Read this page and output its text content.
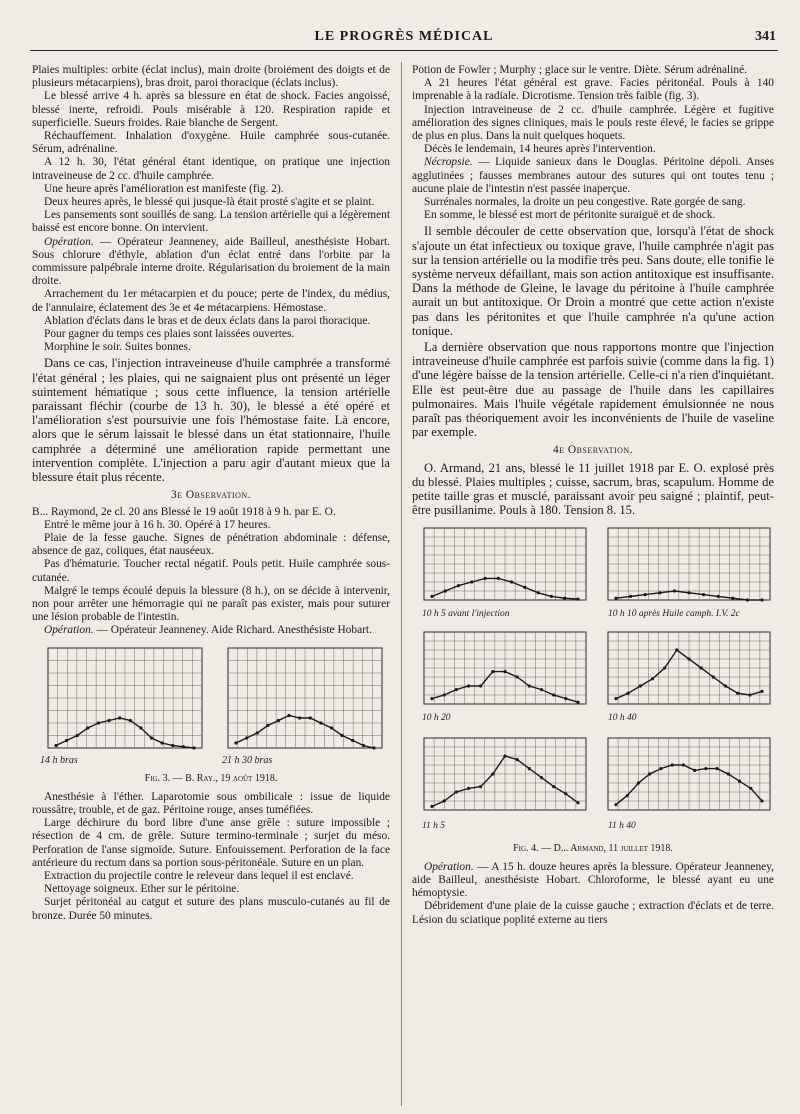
LE PROGRÈS MÉDICAL	341

Plaies multiples: orbite (éclat inclus), main droite (broiement des doigts et de plusieurs métacarpiens), bras droit, paroi thoracique (éclats inclus).

Le blessé arrive 4 h. après sa blessure en état de shock. Facies angoissé, blessé inerte, refroidi. Pouls misérable à 120. Respiration rapide et superficielle. Sueurs froides. Raie blanche de Sergent.

Réchauffement. Inhalation d'oxygène. Huile camphrée sous-cutanée. Sérum, adrénaline.

A 12 h. 30, l'état général étant identique, on pratique une injection intraveineuse de 2 cc. d'huile camphrée.

Une heure après l'amélioration est manifeste (fig. 2).

Deux heures après, le blessé qui jusque-là était prosté s'agite et se plaint.

Les pansements sont souillés de sang. La tension artérielle qui a légèrement baissé est encore bonne. On intervient.

Opération. — Opérateur Jeanneney, aide Bailleul, anesthésiste Hobart. Sous chlorure d'éthyle, ablation d'un éclat entré dans l'orbite par la commissure palpébrale interne droite. Régularisation du broiement de la main droite.

Arrachement du 1er métacarpien et du pouce; perte de l'index, du médius, de l'annulaire, éclatement des 3e et 4e métacarpiens. Hémostase.

Ablation d'éclats dans le bras et de deux éclats dans la paroi thoracique.

Pour gagner du temps ces plaies sont laissées ouvertes.

Morphine le soir. Suites bonnes.

Dans ce cas, l'injection intraveineuse d'huile camphrée a transformé l'état général ; les plaies, qui ne saignaient plus ont présenté un léger suintement hématique ; sous cette influence, la tension artérielle paraissant fléchir (courbe de 13 h. 30), le blessé a été opéré et l'amélioration s'est poursuivie une fois l'hémostase faite. Là encore, alors que le sérum laissait le blessé dans un état stationnaire, l'huile camphrée a déterminé une amélioration rapide permettant une intervention complète. L'injection a paru agir d'autant mieux que la blessure était plus récente.

3e Observation.

B... Raymond, 2e cl. 20 ans Blessé le 19 août 1918 à 9 h. par E. O.

Entré le même jour à 16 h. 30. Opéré à 17 heures.

Plaie de la fesse gauche. Signes de pénétration abdominale : défense, absence de gaz, coliques, état nauséeux.

Pas d'hématurie. Toucher rectal négatif. Pouls petit. Huile camphrée sous-cutanée.

Malgré le temps écoulé depuis la blessure (8 h.), on se décide à intervenir, non pour arrêter une hémorragie qui ne paraît pas exister, mais pour suturer une lésion probable de l'intestin.

Opération. — Opérateur Jeanneney. Aide Richard. Anesthésiste Hobart.

14 h bras	21 h 30 bras
Fig. 3. — B. Ray., 19 août 1918.

Anesthésie à l'éther. Laparotomie sous ombilicale : issue de liquide roussâtre, trouble, et de gaz. Péritoine rouge, anses tuméfiées.

Large déchirure du bord libre d'une anse grêle : suture impossible ; résection de 4 cm. de grêle. Suture termino-terminale ; surjet du méso. Perforation de l'anse sigmoïde. Suture. Enfouissement. Perforation de la face antérieure du rectum dans sa portion sous-péritonéale. Suture en un plan.

Extraction du projectile contre le releveur dans lequel il est enclavé.

Nettoyage soigneux. Ether sur le péritoine.

Surjet péritonéal au catgut et suture des plans musculo-cutanés au fil de bronze. Durée 50 minutes.

Potion de Fowler ; Murphy ; glace sur le ventre. Diète. Sérum adrénaliné.

A 21 heures l'état général est grave. Facies péritonéal. Pouls à 140 imprenable à la radiale. Dicrotisme. Tension très faible (fig. 3).

Injection intraveineuse de 2 cc. d'huile camphrée. Légère et fugitive amélioration des signes cliniques, mais le pouls reste élevé, le facies se grippe de plus en plus. Dans la nuit quelques hoquets.

Décès le lendemain, 14 heures après l'intervention.

Nécropsie. — Liquide sanieux dans le Douglas. Péritoine dépoli. Anses agglutinées ; fausses membranes autour des sutures qui ont toutes tenu ; aucune plaie de l'intestin n'est passée inaperçue.

Surrénales normales, la droite un peu congestive. Rate gorgée de sang.

En somme, le blessé est mort de péritonite suraiguë et de shock.

Il semble découler de cette observation que, lorsqu'à l'état de shock s'ajoute un état infectieux ou toxique grave, l'huile camphrée n'agit pas sur la tension artérielle ou la modifie très peu. Sans doute, elle tonifie le système nerveux défaillant, mais son action antitoxique est insuffisante. Dans la méthode de Gleine, le lavage du péritoine à l'huile camphrée aurait un but antitoxique. Or Droin a montré que cette action n'existe pas dans les péritonites et que l'huile camphrée n'a qu'une action tonique.

La dernière observation que nous rapportons montre que l'injection intraveineuse d'huile camphrée est parfois suivie (comme dans la fig. 1) d'une légère baisse de la tension artérielle. Celle-ci n'a rien d'inquiétant. Elle est peut-être due au passage de l'huile dans les capillaires pulmonaires. Mais l'huile végétale rapidement émulsionnée ne nous paraît pas théoriquement avoir les inconvénients de l'huile de vaseline par exemple.

4e Observation.

O. Armand, 21 ans, blessé le 11 juillet 1918 par E. O. explosé près du blessé. Plaies multiples ; cuisse, sacrum, bras, scapulum. Homme de petite taille gras et musclé, paraissant avoir peu saigné ; plaintif, peut-être pusillanime. Pouls à 180. Tension 8. 15.

10 h 5 avant l'injection	10 h 10 après Huile camph. I.V. 2c
10 h 20	10 h 40
11 h 5	11 h 40
Fig. 4. — D... Armand, 11 juillet 1918.

Opération. — A 15 h. douze heures après la blessure. Opérateur Jeanneney, aide Bailleul, anesthésiste Hobart. Chloroforme, le blessé ayant eu une hémoptysie.

Débridement d'une plaie de la cuisse gauche ; extraction d'éclats et de terre. Lésion du sciatique poplité externe au tiers
